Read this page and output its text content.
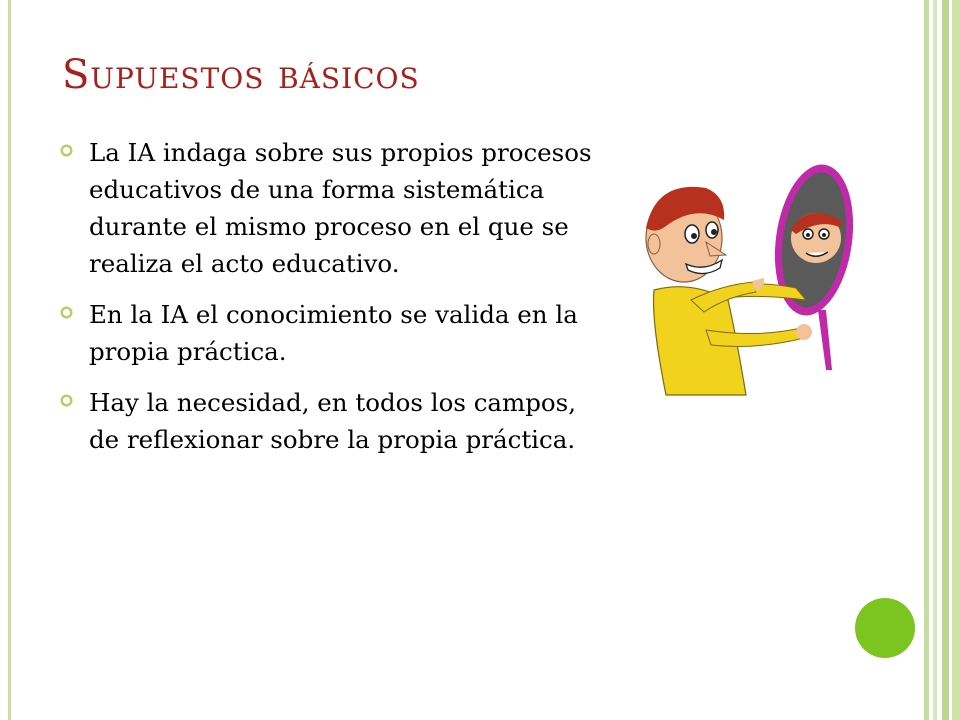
Supuestos básicos
La IA indaga sobre sus propios procesos educativos de una forma sistemática durante el mismo proceso en el que se realiza el acto educativo.
En la IA el conocimiento se valida en la propia práctica.
Hay la necesidad, en todos los campos, de reflexionar sobre la propia práctica.
